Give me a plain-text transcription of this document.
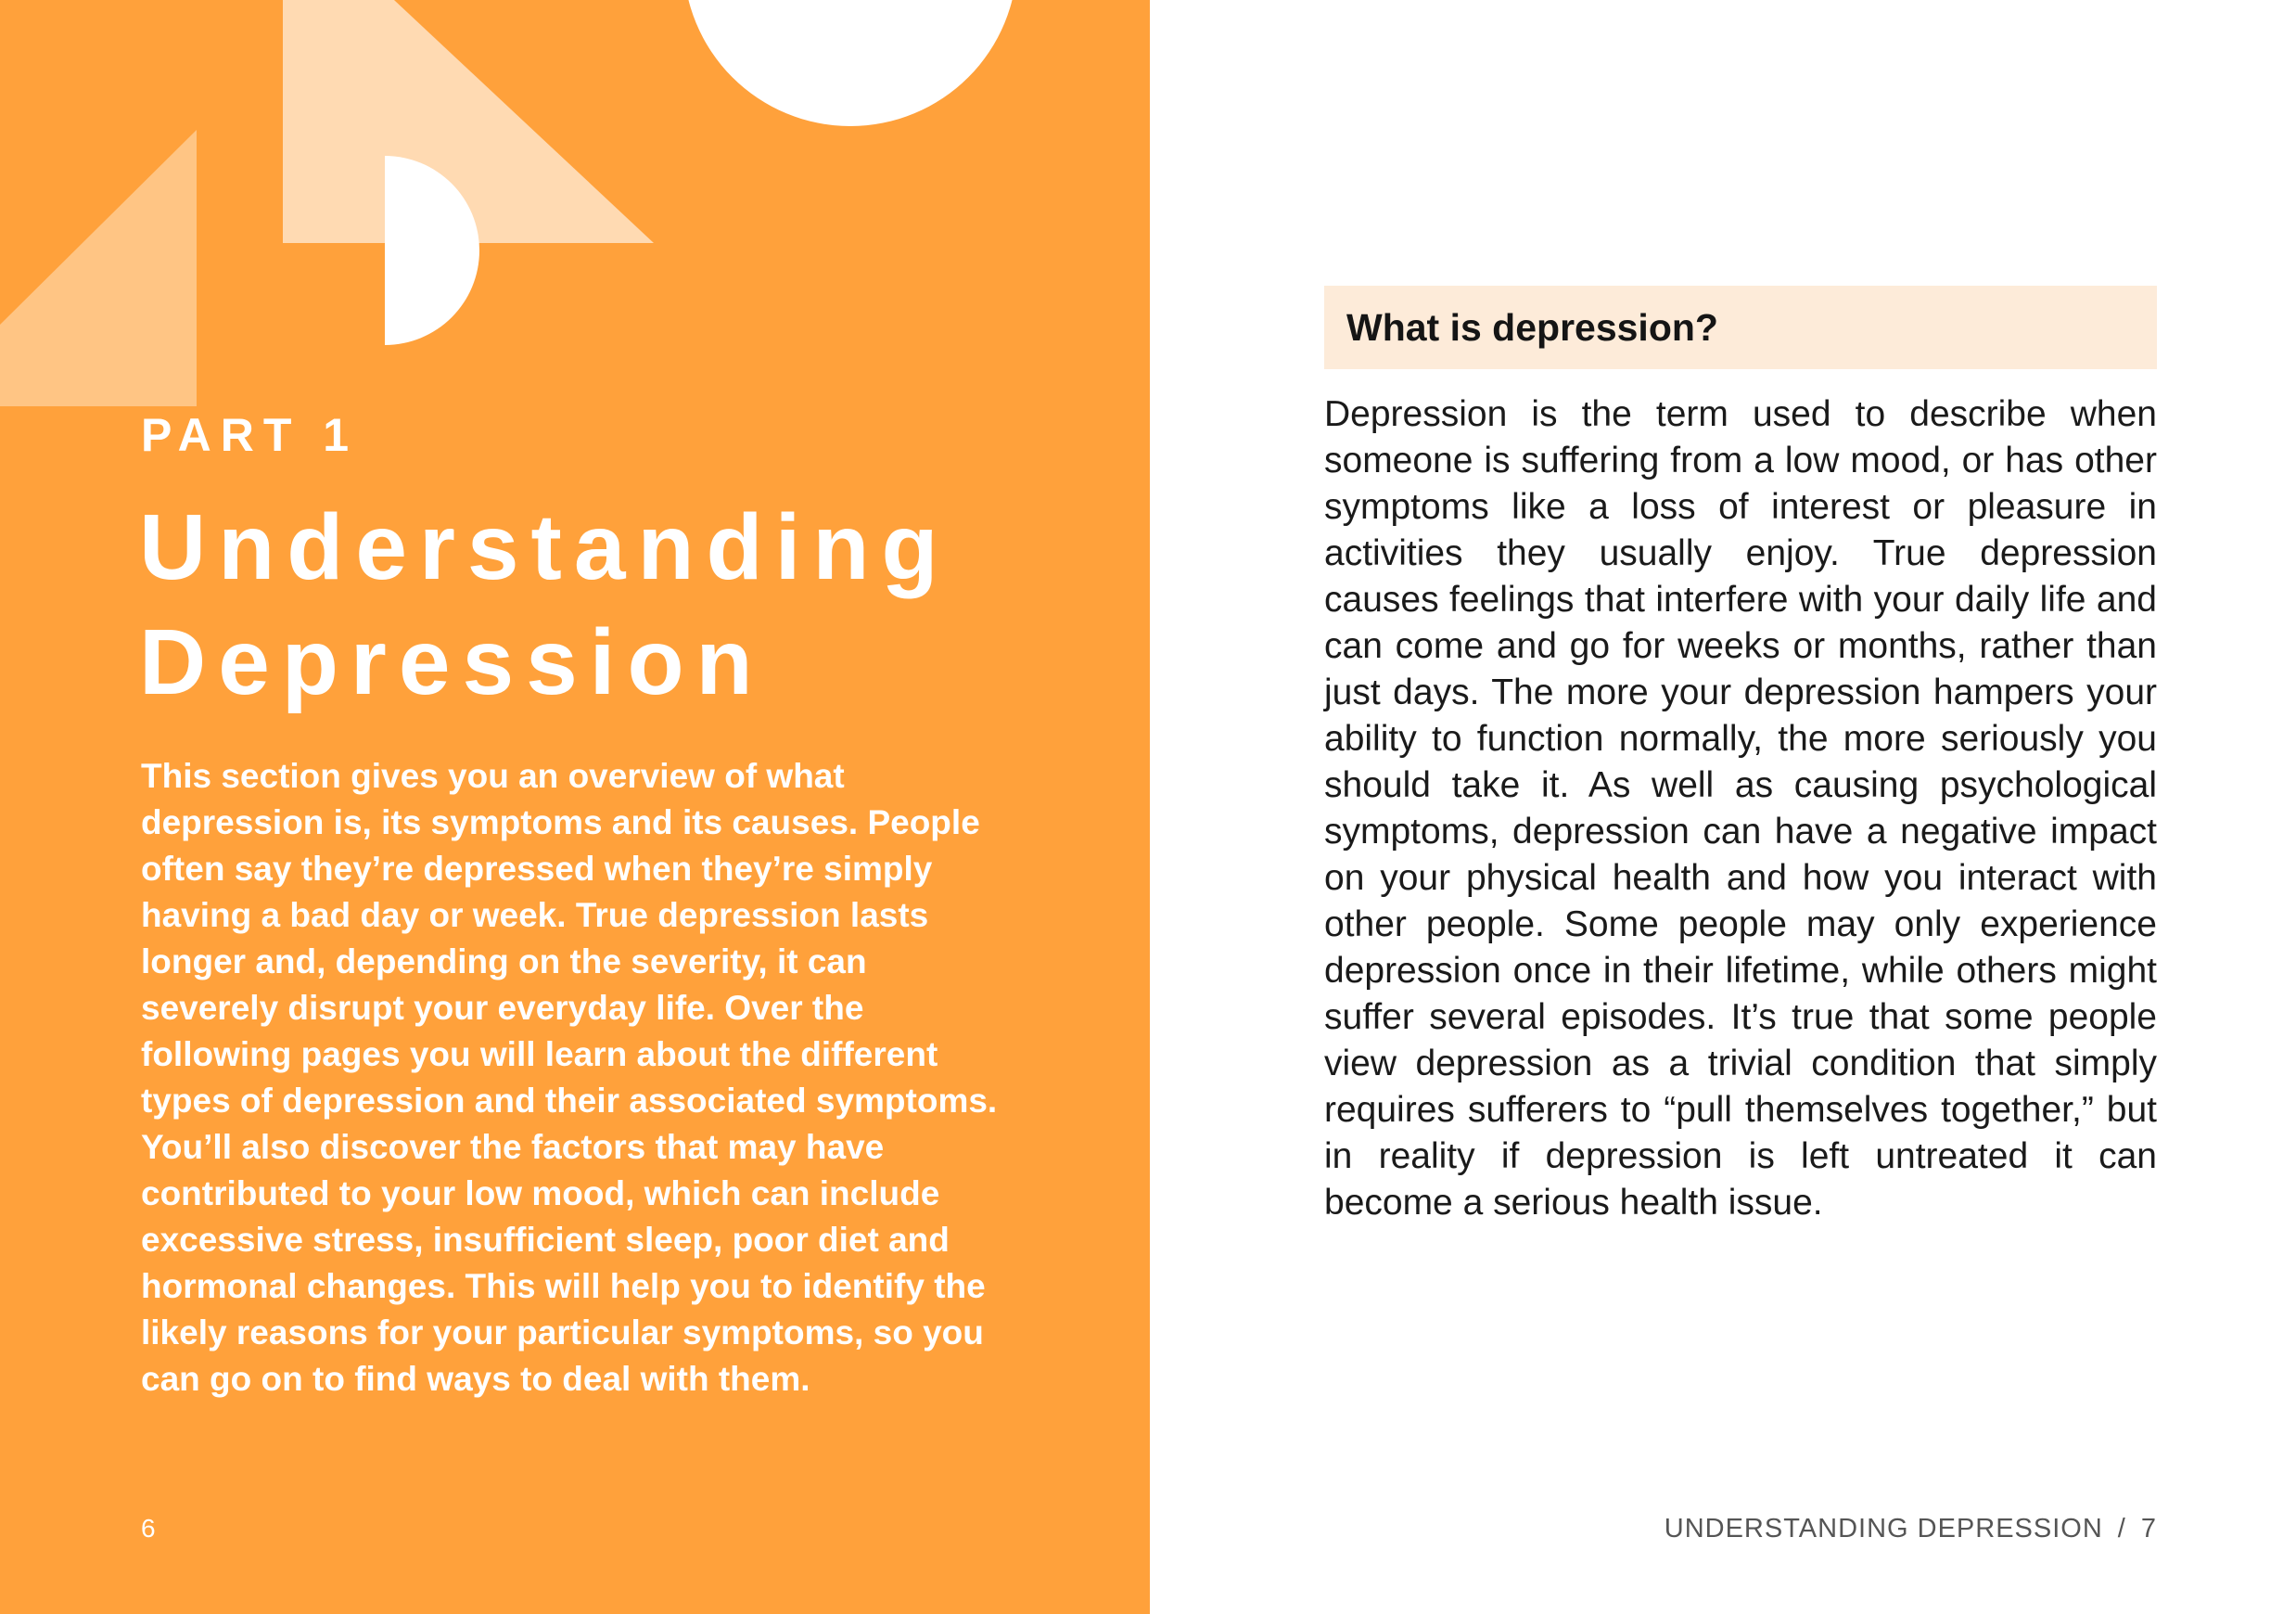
PART 1
Understanding
Depression

This section gives you an overview of what depression is, its symptoms and its causes. People often say they’re depressed when they’re simply having a bad day or week. True depression lasts longer and, depending on the severity, it can severely disrupt your everyday life. Over the following pages you will learn about the different types of depression and their associated symptoms. You’ll also discover the factors that may have contributed to your low mood, which can include excessive stress, insufficient sleep, poor diet and hormonal changes. This will help you to identify the likely reasons for your particular symptoms, so you can go on to find ways to deal with them.

6
What is depression?

Depression is the term used to describe when someone is suffering from a low mood, or has other symptoms like a loss of interest or pleasure in activities they usually enjoy. True depression causes feelings that interfere with your daily life and can come and go for weeks or months, rather than just days. The more your depression hampers your ability to function normally, the more seriously you should take it. As well as causing psychological symptoms, depression can have a negative impact on your physical health and how you interact with other people. Some people may only experience depression once in their lifetime, while others might suffer several episodes. It’s true that some people view depression as a trivial condition that simply requires sufferers to “pull themselves together,” but in reality if depression is left untreated it can become a serious health issue.

UNDERSTANDING DEPRESSION / 7
